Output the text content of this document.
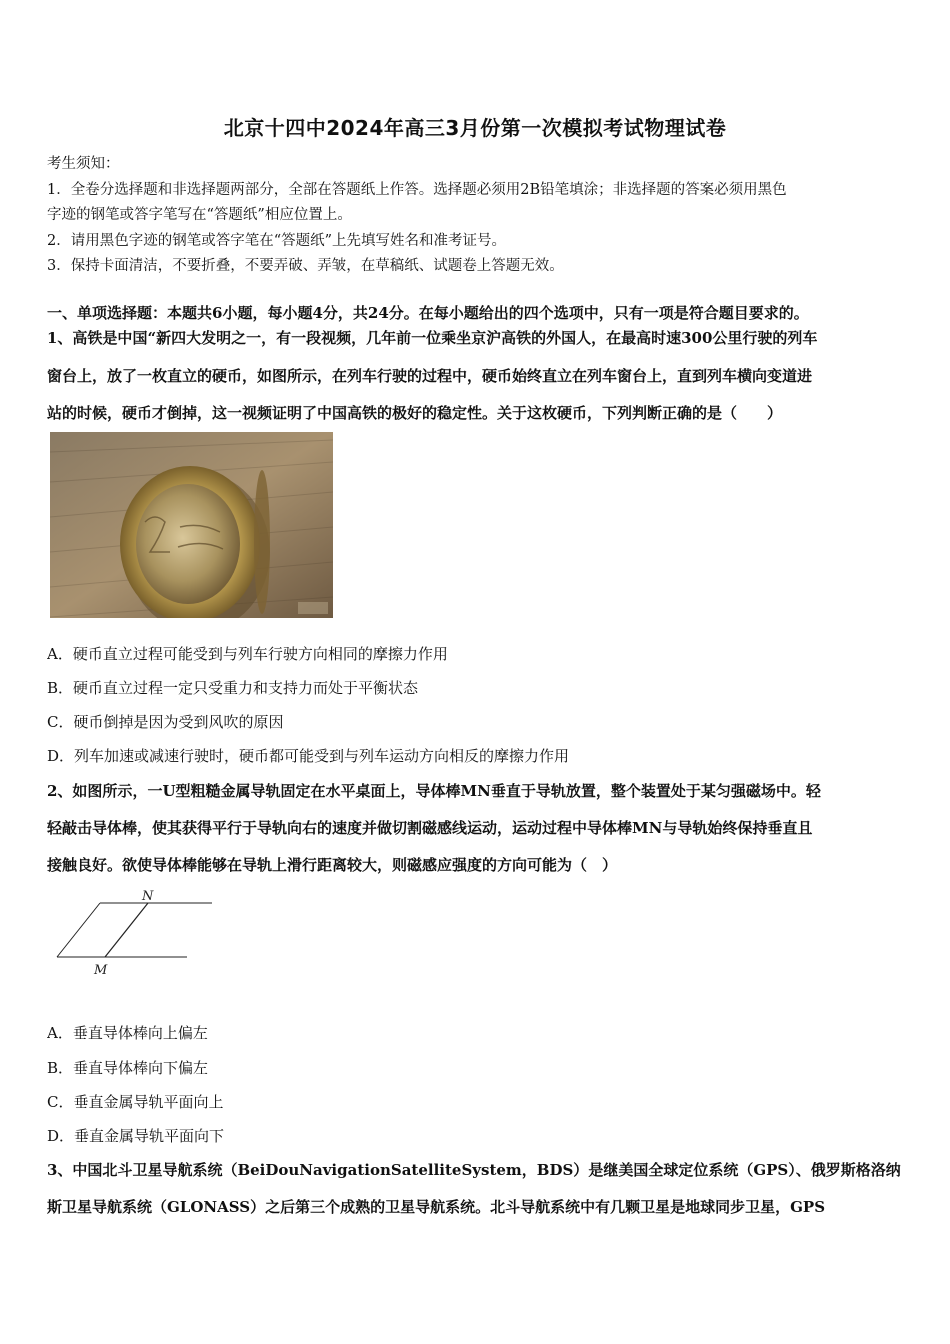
北京十四中2024年高三3月份第一次模拟考试物理试卷
考生须知：
1．全卷分选择题和非选择题两部分，全部在答题纸上作答。选择题必须用2B铅笔填涂；非选择题的答案必须用黑色
字迹的钢笔或答字笔写在“答题纸”相应位置上。
2．请用黑色字迹的钢笔或答字笔在“答题纸”上先填写姓名和准考证号。
3．保持卡面清洁，不要折叠，不要弄破、弄皱，在草稿纸、试题卷上答题无效。
一、单项选择题：本题共6小题，每小题4分，共24分。在每小题给出的四个选项中，只有一项是符合题目要求的。
1、高铁是中国“新四大发明之一，有一段视频，几年前一位乘坐京沪高铁的外国人，在最高时速300公里行驶的列车
窗台上，放了一枚直立的硬币，如图所示，在列车行驶的过程中，硬币始终直立在列车窗台上，直到列车横向变道进
站的时候，硬币才倒掉，这一视频证明了中国高铁的极好的稳定性。关于这枚硬币，下列判断正确的是（　　）
A．硬币直立过程可能受到与列车行驶方向相同的摩擦力作用
B．硬币直立过程一定只受重力和支持力而处于平衡状态
C．硬币倒掉是因为受到风吹的原因
D．列车加速或减速行驶时，硬币都可能受到与列车运动方向相反的摩擦力作用
2、如图所示，一U型粗糙金属导轨固定在水平桌面上，导体棒MN垂直于导轨放置，整个装置处于某匀强磁场中。轻
轻敲击导体棒，使其获得平行于导轨向右的速度并做切割磁感线运动，运动过程中导体棒MN与导轨始终保持垂直且
接触良好。欲使导体棒能够在导轨上滑行距离较大，则磁感应强度的方向可能为（　）
N
M
A．垂直导体棒向上偏左
B．垂直导体棒向下偏左
C．垂直金属导轨平面向上
D．垂直金属导轨平面向下
3、中国北斗卫星导航系统（BeiDouNavigationSatelliteSystem，BDS）是继美国全球定位系统（GPS）、俄罗斯格洛纳
斯卫星导航系统（GLONASS）之后第三个成熟的卫星导航系统。北斗导航系统中有几颗卫星是地球同步卫星，GPS
